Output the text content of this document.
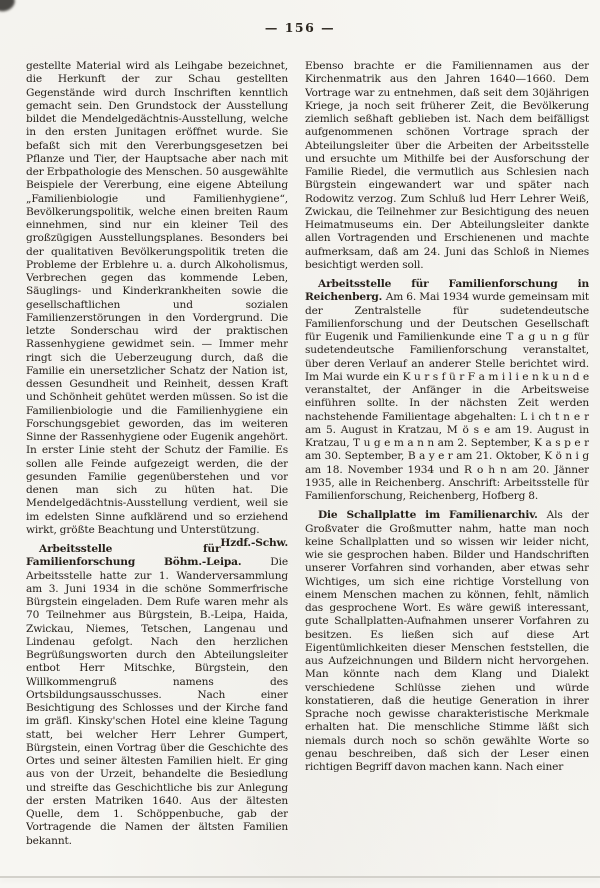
— 156 —

gestellte Material wird als Leihgabe bezeichnet, die Herkunft der zur Schau gestellten Gegenstände wird durch Inschriften kenntlich gemacht sein. Den Grundstock der Ausstellung bildet die Mendelgedächtnis-Ausstellung, welche in den ersten Junitagen eröffnet wurde. Sie befaßt sich mit den Vererbungsgesetzen bei Pflanze und Tier, der Hauptsache aber nach mit der Erbpathologie des Menschen. 50 ausgewählte Beispiele der Vererbung, eine eigene Abteilung „Familienbiologie und Familienhygiene“, Bevölkerungspolitik, welche einen breiten Raum einnehmen, sind nur ein kleiner Teil des großzügigen Ausstellungsplanes. Besonders bei der qualitativen Bevölkerungspolitik treten die Probleme der Erblehre u. a. durch Alkoholismus, Verbrechen gegen das kommende Leben, Säuglings- und Kinderkrankheiten sowie die gesellschaftlichen und sozialen Familienzerstörungen in den Vordergrund. Die letzte Sonderschau wird der praktischen Rassenhygiene gewidmet sein. — Immer mehr ringt sich die Ueberzeugung durch, daß die Familie ein unersetzlicher Schatz der Nation ist, dessen Gesundheit und Reinheit, dessen Kraft und Schönheit gehütet werden müssen. So ist die Familienbiologie und die Familienhygiene ein Forschungsgebiet geworden, das im weiteren Sinne der Rassenhygiene oder Eugenik angehört. In erster Linie steht der Schutz der Familie. Es sollen alle Feinde aufgezeigt werden, die der gesunden Familie gegenüberstehen und vor denen man sich zu hüten hat. Die Mendelgedächtnis-Ausstellung verdient, weil sie im edelsten Sinne aufklärend und so erziehend wirkt, größte Beachtung und Unterstützung.
Hzdf.-Schw.

Arbeitsstelle für Familienforschung Böhm.-Leipa. Die Arbeitsstelle hatte zur 1. Wanderversammlung am 3. Juni 1934 in die schöne Sommerfrische Bürgstein eingeladen. Dem Rufe waren mehr als 70 Teilnehmer aus Bürgstein, B.-Leipa, Haida, Zwickau, Niemes, Tetschen, Langenau und Lindenau gefolgt. Nach den herzlichen Begrüßungsworten durch den Abteilungsleiter entbot Herr Mitschke, Bürgstein, den Willkommengruß namens des Ortsbildungsausschusses. Nach einer Besichtigung des Schlosses und der Kirche fand im gräfl. Kinsky'schen Hotel eine kleine Tagung statt, bei welcher Herr Lehrer Gumpert, Bürgstein, einen Vortrag über die Geschichte des Ortes und seiner ältesten Familien hielt. Er ging aus von der Urzeit, behandelte die Besiedlung und streifte das Geschichtliche bis zur Anlegung der ersten Matriken 1640. Aus der ältesten Quelle, dem 1. Schöppenbuche, gab der Vortragende die Namen der ältsten Familien bekannt.

Ebenso brachte er die Familiennamen aus der Kirchenmatrik aus den Jahren 1640—1660. Dem Vortrage war zu entnehmen, daß seit dem 30jährigen Kriege, ja noch seit früherer Zeit, die Bevölkerung ziemlich seßhaft geblieben ist. Nach dem beifälligst aufgenommenen schönen Vortrage sprach der Abteilungsleiter über die Arbeiten der Arbeitsstelle und ersuchte um Mithilfe bei der Ausforschung der Familie Riedel, die vermutlich aus Schlesien nach Bürgstein eingewandert war und später nach Rodowitz verzog. Zum Schluß lud Herr Lehrer Weiß, Zwickau, die Teilnehmer zur Besichtigung des neuen Heimatmuseums ein. Der Abteilungsleiter dankte allen Vortragenden und Erschienenen und machte aufmerksam, daß am 24. Juni das Schloß in Niemes besichtigt werden soll.

Arbeitsstelle für Familienforschung in Reichenberg. Am 6. Mai 1934 wurde gemeinsam mit der Zentralstelle für sudetendeutsche Familienforschung und der Deutschen Gesellschaft für Eugenik und Familienkunde eine T a g u n g für sudetendeutsche Familienforschung veranstaltet, über deren Verlauf an anderer Stelle berichtet wird. Im Mai wurde ein K u r s f ü r F a m i l i e n k u n d e veranstaltet, der Anfänger in die Arbeitsweise einführen sollte. In der nächsten Zeit werden nachstehende Familientage abgehalten: L i ch t n e r am 5. August in Kratzau, M ö s e am 19. August in Kratzau, T u g e m a n n am 2. September, K a s p e r am 30. September, B a y e r am 21. Oktober, K ö n i g am 18. November 1934 und R o h n am 20. Jänner 1935, alle in Reichenberg. Anschrift: Arbeitsstelle für Familienforschung, Reichenberg, Hofberg 8.

Die Schallplatte im Familienarchiv. Als der Großvater die Großmutter nahm, hatte man noch keine Schallplatten und so wissen wir leider nicht, wie sie gesprochen haben. Bilder und Handschriften unserer Vorfahren sind vorhanden, aber etwas sehr Wichtiges, um sich eine richtige Vorstellung von einem Menschen machen zu können, fehlt, nämlich das gesprochene Wort. Es wäre gewiß interessant, gute Schallplatten-Aufnahmen unserer Vorfahren zu besitzen. Es ließen sich auf diese Art Eigentümlichkeiten dieser Menschen feststellen, die aus Aufzeichnungen und Bildern nicht hervorgehen. Man könnte nach dem Klang und Dialekt verschiedene Schlüsse ziehen und würde konstatieren, daß die heutige Generation in ihrer Sprache noch gewisse charakteristische Merkmale erhalten hat. Die menschliche Stimme läßt sich niemals durch noch so schön gewählte Worte so genau beschreiben, daß sich der Leser einen richtigen Begriff davon machen kann. Nach einer
